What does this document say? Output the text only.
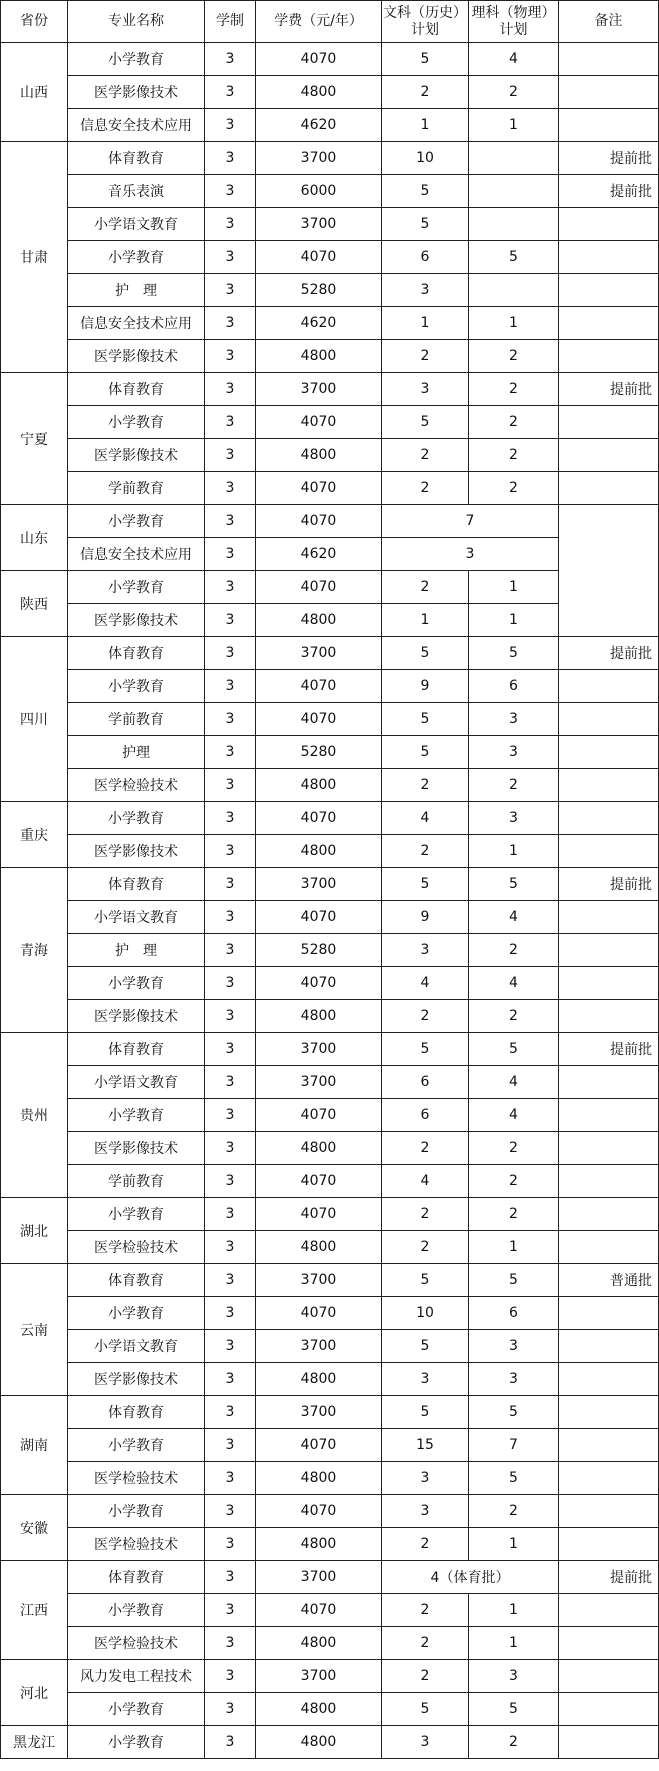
省份	专业名称	学制	学费（元/年）	文科（历史）计划	理科（物理）计划	备注
山西	小学教育	3	4070	5	4	
	医学影像技术	3	4800	2	2	
	信息安全技术应用	3	4620	1	1	
甘肃	体育教育	3	3700	10		提前批
	音乐表演	3	6000	5		提前批
	小学语文教育	3	3700	5		
	小学教育	3	4070	6	5	
	护　理	3	5280	3		
	信息安全技术应用	3	4620	1	1	
	医学影像技术	3	4800	2	2	
宁夏	体育教育	3	3700	3	2	提前批
	小学教育	3	4070	5	2	
	医学影像技术	3	4800	2	2	
	学前教育	3	4070	2	2	
山东	小学教育	3	4070	7		
	信息安全技术应用	3	4620	3		
陕西	小学教育	3	4070	2	1	
	医学影像技术	3	4800	1	1	
四川	体育教育	3	3700	5	5	提前批
	小学教育	3	4070	9	6	
	学前教育	3	4070	5	3	
	护理	3	5280	5	3	
	医学检验技术	3	4800	2	2	
重庆	小学教育	3	4070	4	3	
	医学影像技术	3	4800	2	1	
青海	体育教育	3	3700	5	5	提前批
	小学语文教育	3	4070	9	4	
	护　理	3	5280	3	2	
	小学教育	3	4070	4	4	
	医学影像技术	3	4800	2	2	
贵州	体育教育	3	3700	5	5	提前批
	小学语文教育	3	3700	6	4	
	小学教育	3	4070	6	4	
	医学影像技术	3	4800	2	2	
	学前教育	3	4070	4	2	
湖北	小学教育	3	4070	2	2	
	医学检验技术	3	4800	2	1	
云南	体育教育	3	3700	5	5	普通批
	小学教育	3	4070	10	6	
	小学语文教育	3	3700	5	3	
	医学影像技术	3	4800	3	3	
湖南	体育教育	3	3700	5	5	
	小学教育	3	4070	15	7	
	医学检验技术	3	4800	3	5	
安徽	小学教育	3	4070	3	2	
	医学检验技术	3	4800	2	1	
江西	体育教育	3	3700	4（体育批）		提前批
	小学教育	3	4070	2	1	
	医学检验技术	3	4800	2	1	
河北	风力发电工程技术	3	3700	2	3	
	小学教育	3	4800	5	5	
黑龙江	小学教育	3	4800	3	2	
